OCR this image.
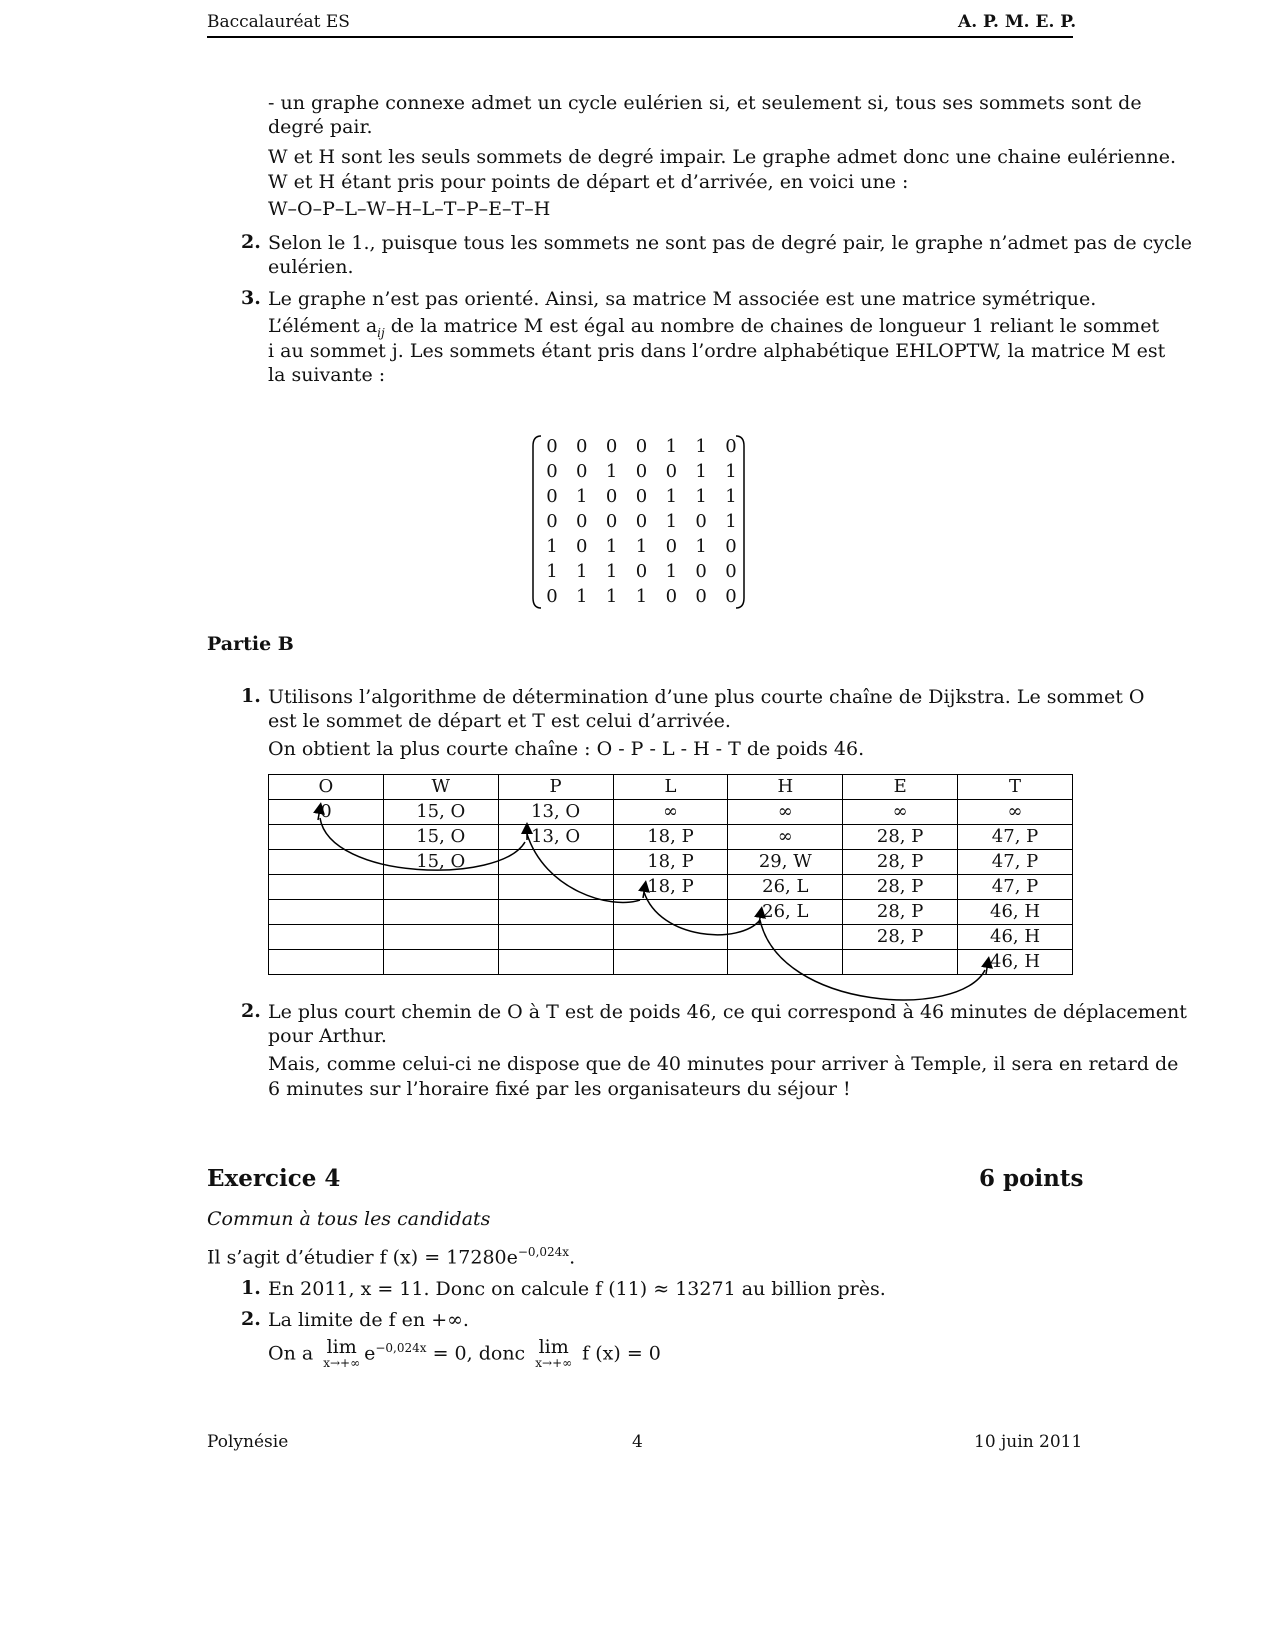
Baccalauréat ES	A. P. M. E. P.
- un graphe connexe admet un cycle eulérien si, et seulement si, tous ses sommets sont de
degré pair.
W et H sont les seuls sommets de degré impair. Le graphe admet donc une chaine eulérienne.
W et H étant pris pour points de départ et d’arrivée, en voici une :
W–O–P–L–W–H–L–T–P–E–T–H
2. Selon le 1., puisque tous les sommets ne sont pas de degré pair, le graphe n’admet pas de cycle
eulérien.
3. Le graphe n’est pas orienté. Ainsi, sa matrice M associée est une matrice symétrique.
L’élément $a_{ij}$ de la matrice M est égal au nombre de chaines de longueur 1 reliant le sommet
i au sommet j. Les sommets étant pris dans l’ordre alphabétique EHLOPTW, la matrice M est
la suivante :
0	0	0	0	1	1	0
0	0	1	0	0	1	1
0	1	0	0	1	1	1
0	0	0	0	1	0	1
1	0	1	1	0	1	0
1	1	1	0	1	0	0
0	1	1	1	0	0	0
Partie B
1. Utilisons l’algorithme de détermination d’une plus courte chaîne de Dijkstra. Le sommet O
est le sommet de départ et T est celui d’arrivée.
On obtient la plus courte chaîne : O - P - L - H - T de poids 46.
O	W	P	L	H	E	T
0	15, O	13, O	∞	∞	∞	∞
	15, O	13, O	18, P	∞	28, P	47, P
	15, O		18, P	29, W	28, P	47, P
			18, P	26, L	28, P	47, P
				26, L	28, P	46, H
					28, P	46, H
						46, H
2. Le plus court chemin de O à T est de poids 46, ce qui correspond à 46 minutes de déplacement
pour Arthur.
Mais, comme celui-ci ne dispose que de 40 minutes pour arriver à Temple, il sera en retard de
6 minutes sur l’horaire fixé par les organisateurs du séjour !
Exercice 4	6 points
Commun à tous les candidats
Il s’agit d’étudier f $(x) = 17280e^{-0,024x}$.
1. En 2011, x = 11. Donc on calcule f (11) ≈ 13271 au billion près.
2. La limite de f en +∞.
On a lim
x→+∞ $e^{-0,024x} = 0$, donc lim
x→+∞ f (x) = 0
Polynésie	4	10 juin 2011
